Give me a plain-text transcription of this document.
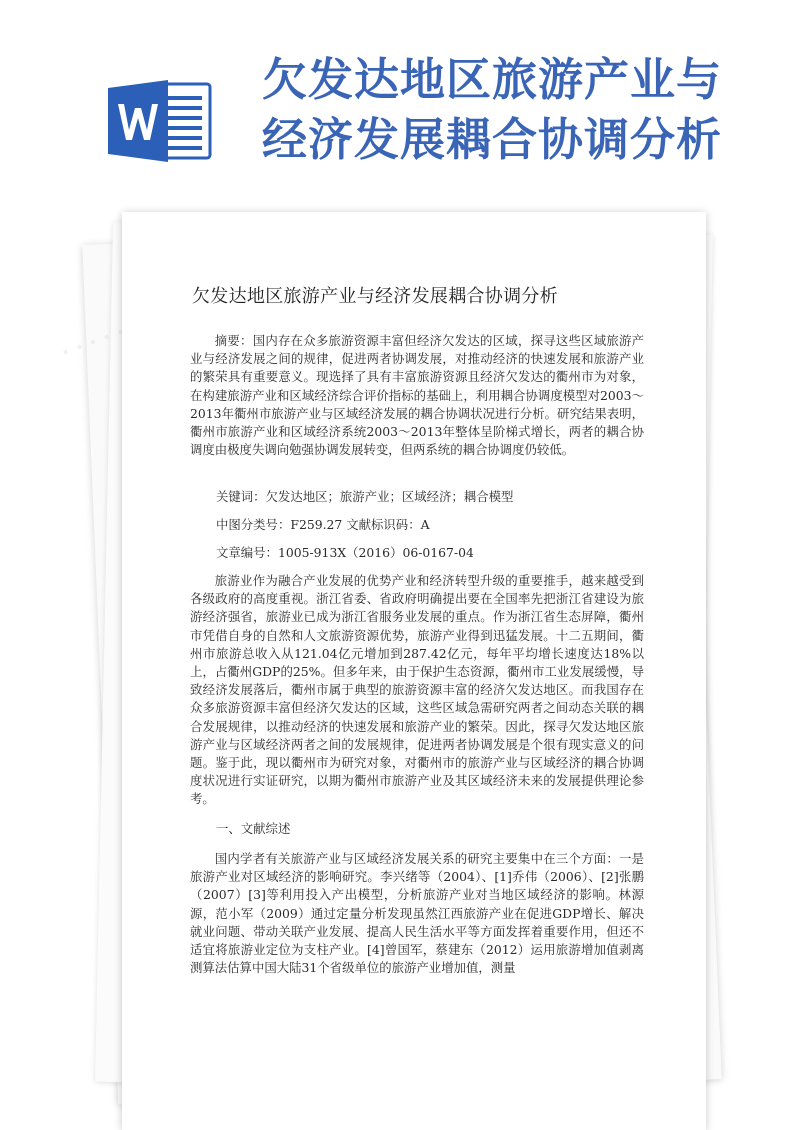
欠发达地区旅游产业与
经济发展耦合协调分析
欠发达地区旅游产业与经济发展耦合协调分析

摘要：国内存在众多旅游资源丰富但经济欠发达的区域，探寻这些区域旅游产业与经济发展之间的规律，促进两者协调发展，对推动经济的快速发展和旅游产业的繁荣具有重要意义。现选择了具有丰富旅游资源且经济欠发达的衢州市为对象，在构建旅游产业和区域经济综合评价指标的基础上，利用耦合协调度模型对2003～2013年衢州市旅游产业与区域经济发展的耦合协调状况进行分析。研究结果表明，衢州市旅游产业和区域经济系统2003～2013年整体呈阶梯式增长，两者的耦合协调度由极度失调向勉强协调发展转变，但两系统的耦合协调度仍较低。

关键词：欠发达地区；旅游产业；区域经济；耦合模型
中图分类号：F259.27 文献标识码：A
文章编号：1005-913X（2016）06-0167-04

旅游业作为融合产业发展的优势产业和经济转型升级的重要推手，越来越受到各级政府的高度重视。浙江省委、省政府明确提出要在全国率先把浙江省建设为旅游经济强省，旅游业已成为浙江省服务业发展的重点。作为浙江省生态屏障，衢州市凭借自身的自然和人文旅游资源优势，旅游产业得到迅猛发展。十二五期间，衢州市旅游总收入从121.04亿元增加到287.42亿元，每年平均增长速度达18%以上，占衢州GDP的25%。但多年来，由于保护生态资源，衢州市工业发展缓慢，导致经济发展落后，衢州市属于典型的旅游资源丰富的经济欠发达地区。而我国存在众多旅游资源丰富但经济欠发达的区域，这些区域急需研究两者之间动态关联的耦合发展规律，以推动经济的快速发展和旅游产业的繁荣。因此，探寻欠发达地区旅游产业与区域经济两者之间的发展规律，促进两者协调发展是个很有现实意义的问题。鉴于此，现以衢州市为研究对象，对衢州市的旅游产业与区域经济的耦合协调度状况进行实证研究，以期为衢州市旅游产业及其区域经济未来的发展提供理论参考。

一、文献综述

国内学者有关旅游产业与区域经济发展关系的研究主要集中在三个方面：一是旅游产业对区域经济的影响研究。李兴绪等（2004）、[1]乔伟（2006）、[2]张鹏（2007）[3]等利用投入产出模型，分析旅游产业对当地区域经济的影响。林源源，范小军（2009）通过定量分析发现虽然江西旅游产业在促进GDP增长、解决就业问题、带动关联产业发展、提高人民生活水平等方面发挥着重要作用，但还不适宜将旅游业定位为支柱产业。[4]曾国军，蔡建东（2012）运用旅游增加值剥离测算法估算中国大陆31个省级单位的旅游产业增加值，测量

· ·
